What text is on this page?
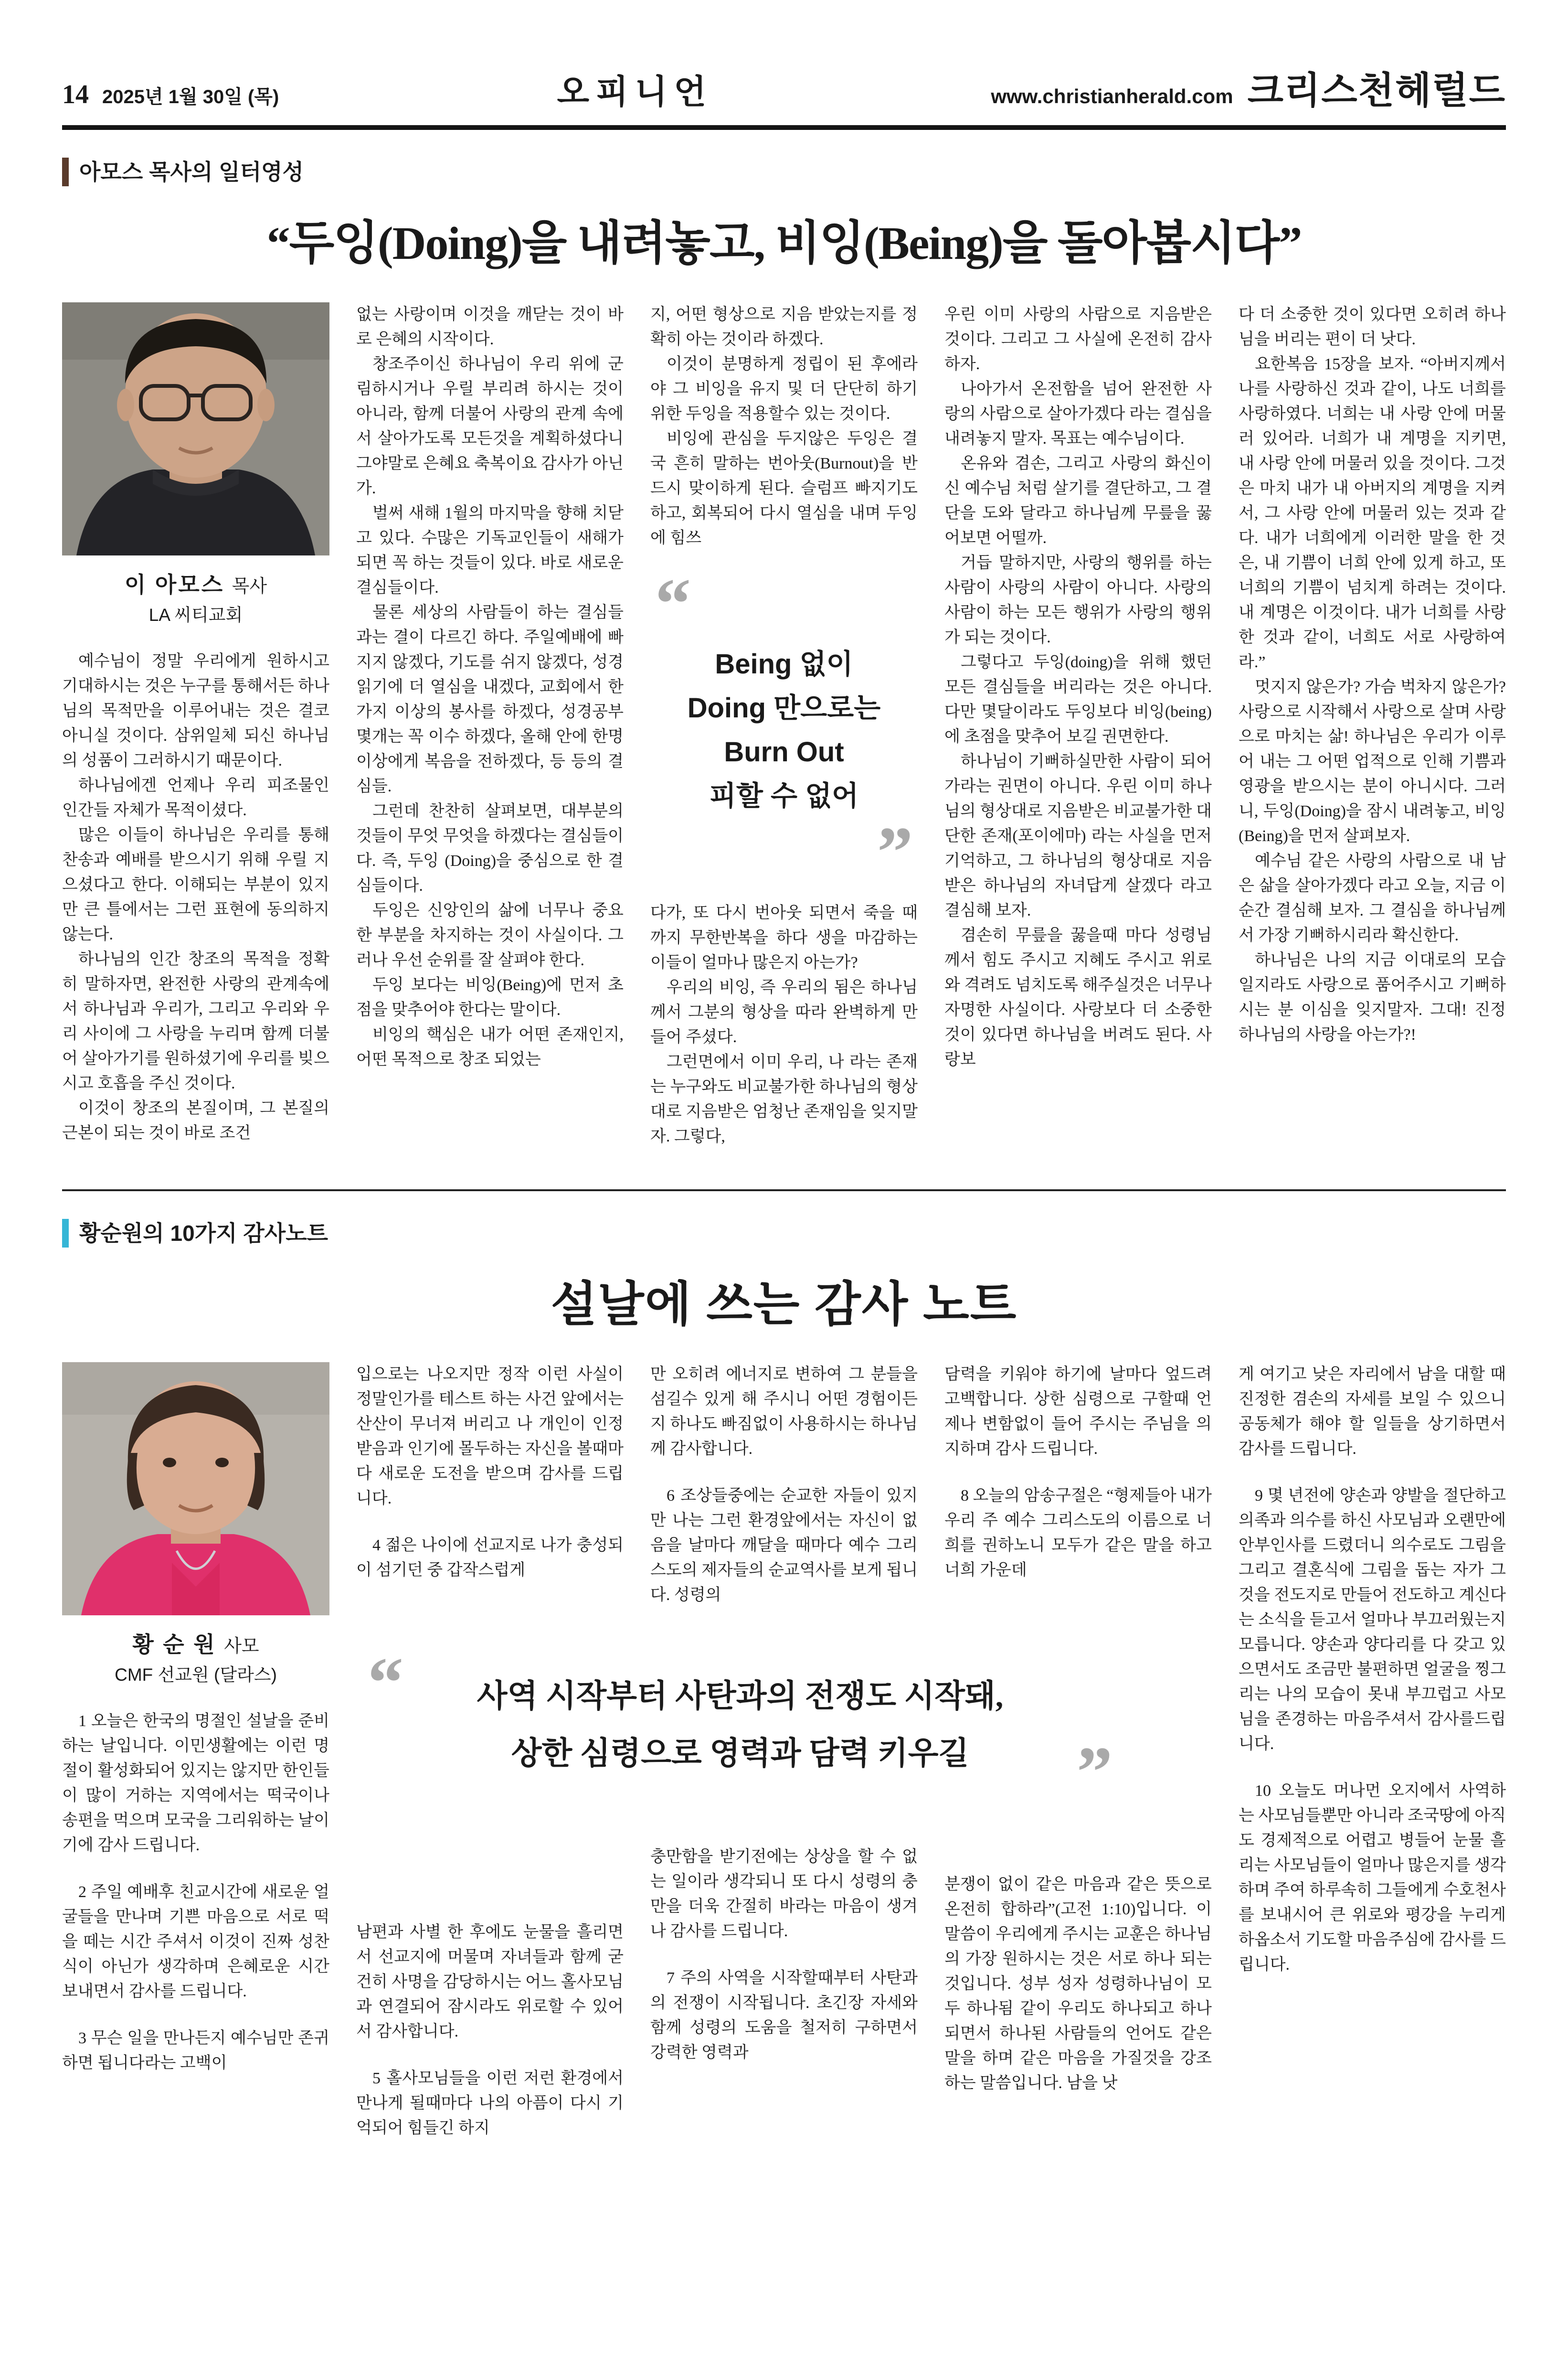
14 2025년 1월 30일 (목)	오피니언	www.christianherald.com 크리스천헤럴드
아모스 목사의 일터영성
“두잉(Doing)을 내려놓고, 비잉(Being)을 돌아봅시다”
이 아모스 목사
LA 씨티교회

예수님이 정말 우리에게 원하시고 기대하시는 것은 누구를 통해서든 하나님의 목적만을 이루어내는 것은 결코 아니실 것이다. 삼위일체 되신 하나님의 성품이 그러하시기 때문이다.

하나님에겐 언제나 우리 피조물인 인간들 자체가 목적이셨다.

많은 이들이 하나님은 우리를 통해 찬송과 예배를 받으시기 위해 우릴 지으셨다고 한다. 이해되는 부분이 있지만 큰 틀에서는 그런 표현에 동의하지 않는다.

하나님의 인간 창조의 목적을 정확히 말하자면, 완전한 사랑의 관계속에서 하나님과 우리가, 그리고 우리와 우리 사이에 그 사랑을 누리며 함께 더불어 살아가기를 원하셨기에 우리를 빚으시고 호흡을 주신 것이다.

이것이 창조의 본질이며, 그 본질의 근본이 되는 것이 바로 조건

없는 사랑이며 이것을 깨닫는 것이 바로 은혜의 시작이다.

창조주이신 하나님이 우리 위에 군림하시거나 우릴 부리려 하시는 것이 아니라, 함께 더불어 사랑의 관계 속에서 살아가도록 모든것을 계획하셨다니 그야말로 은혜요 축복이요 감사가 아닌가.

벌써 새해 1월의 마지막을 향해 치닫고 있다. 수많은 기독교인들이 새해가 되면 꼭 하는 것들이 있다. 바로 새로운 결심들이다.

물론 세상의 사람들이 하는 결심들과는 결이 다르긴 하다. 주일예배에 빠지지 않겠다, 기도를 쉬지 않겠다, 성경읽기에 더 열심을 내겠다, 교회에서 한가지 이상의 봉사를 하겠다, 성경공부 몇개는 꼭 이수 하겠다, 올해 안에 한명 이상에게 복음을 전하겠다, 등 등의 결심들.

그런데 찬찬히 살펴보면, 대부분의 것들이 무엇 무엇을 하겠다는 결심들이다. 즉, 두잉 (Doing)을 중심으로 한 결심들이다.

두잉은 신앙인의 삶에 너무나 중요한 부분을 차지하는 것이 사실이다. 그러나 우선 순위를 잘 살펴야 한다.

두잉 보다는 비잉(Being)에 먼저 초점을 맞추어야 한다는 말이다.

비잉의 핵심은 내가 어떤 존재인지, 어떤 목적으로 창조 되었는

지, 어떤 형상으로 지음 받았는지를 정확히 아는 것이라 하겠다.

이것이 분명하게 정립이 된 후에라야 그 비잉을 유지 및 더 단단히 하기 위한 두잉을 적용할수 있는 것이다.

비잉에 관심을 두지않은 두잉은 결국 흔히 말하는 번아웃(Burnout)을 반드시 맞이하게 된다. 슬럼프 빠지기도 하고, 회복되어 다시 열심을 내며 두잉에 힘쓰

“

Being 없이

Doing 만으로는

Burn Out

피할 수 없어

”

다가, 또 다시 번아웃 되면서 죽을 때 까지 무한반복을 하다 생을 마감하는 이들이 얼마나 많은지 아는가?

우리의 비잉, 즉 우리의 됨은 하나님께서 그분의 형상을 따라 완벽하게 만들어 주셨다.

그런면에서 이미 우리, 나 라는 존재는 누구와도 비교불가한 하나님의 형상대로 지음받은 엄청난 존재임을 잊지말자. 그렇다,

우린 이미 사랑의 사람으로 지음받은 것이다. 그리고 그 사실에 온전히 감사하자.

나아가서 온전함을 넘어 완전한 사랑의 사람으로 살아가겠다 라는 결심을 내려놓지 말자. 목표는 예수님이다.

온유와 겸손, 그리고 사랑의 화신이신 예수님 처럼 살기를 결단하고, 그 결단을 도와 달라고 하나님께 무릎을 꿇어보면 어떨까.

거듭 말하지만, 사랑의 행위를 하는 사람이 사랑의 사람이 아니다. 사랑의 사람이 하는 모든 행위가 사랑의 행위가 되는 것이다.

그렇다고 두잉(doing)을 위해 했던 모든 결심들을 버리라는 것은 아니다. 다만 몇달이라도 두잉보다 비잉(being)에 초점을 맞추어 보길 권면한다.

하나님이 기뻐하실만한 사람이 되어가라는 권면이 아니다. 우린 이미 하나님의 형상대로 지음받은 비교불가한 대단한 존재(포이에마) 라는 사실을 먼저 기억하고, 그 하나님의 형상대로 지음받은 하나님의 자녀답게 살겠다 라고 결심해 보자.

겸손히 무릎을 꿇을때 마다 성령님께서 힘도 주시고 지혜도 주시고 위로와 격려도 넘치도록 해주실것은 너무나 자명한 사실이다. 사랑보다 더 소중한 것이 있다면 하나님을 버려도 된다. 사랑보

다 더 소중한 것이 있다면 오히려 하나님을 버리는 편이 더 낫다.

요한복음 15장을 보자. “아버지께서 나를 사랑하신 것과 같이, 나도 너희를 사랑하였다. 너희는 내 사랑 안에 머물러 있어라. 너희가 내 계명을 지키면, 내 사랑 안에 머물러 있을 것이다. 그것은 마치 내가 내 아버지의 계명을 지켜서, 그 사랑 안에 머물러 있는 것과 같다. 내가 너희에게 이러한 말을 한 것은, 내 기쁨이 너희 안에 있게 하고, 또 너희의 기쁨이 넘치게 하려는 것이다. 내 계명은 이것이다. 내가 너희를 사랑한 것과 같이, 너희도 서로 사랑하여라.”

멋지지 않은가? 가슴 벅차지 않은가? 사랑으로 시작해서 사랑으로 살며 사랑으로 마치는 삶! 하나님은 우리가 이루어 내는 그 어떤 업적으로 인해 기쁨과 영광을 받으시는 분이 아니시다. 그러니, 두잉(Doing)을 잠시 내려놓고, 비잉(Being)을 먼저 살펴보자.

예수님 같은 사랑의 사람으로 내 남은 삶을 살아가겠다 라고 오늘, 지금 이 순간 결심해 보자. 그 결심을 하나님께서 가장 기뻐하시리라 확신한다.

하나님은 나의 지금 이대로의 모습 일지라도 사랑으로 품어주시고 기뻐하시는 분 이심을 잊지말자. 그대! 진정 하나님의 사랑을 아는가?!

황순원의 10가지 감사노트
설날에 쓰는 감사 노트
“	사역 시작부터 사탄과의 전쟁도 시작돼,

상한 심령으로 영력과 담력 키우길	”
황 순 원 사모
CMF 선교원 (달라스)

1 오늘은 한국의 명절인 설날을 준비하는 날입니다. 이민생활에는 이런 명절이 활성화되어 있지는 않지만 한인들이 많이 거하는 지역에서는 떡국이나 송편을 먹으며 모국을 그리워하는 날이기에 감사 드립니다.

2 주일 예배후 친교시간에 새로운 얼굴들을 만나며 기쁜 마음으로 서로 떡을 떼는 시간 주셔서 이것이 진짜 성찬식이 아닌가 생각하며 은혜로운 시간 보내면서 감사를 드립니다.

3 무슨 일을 만나든지 예수님만 존귀하면 됩니다라는 고백이

입으로는 나오지만 정작 이런 사실이 정말인가를 테스트 하는 사건 앞에서는 산산이 무너져 버리고 나 개인이 인정 받음과 인기에 몰두하는 자신을 볼때마다 새로운 도전을 받으며 감사를 드립니다.

4 젊은 나이에 선교지로 나가 충성되이 섬기던 중 갑작스럽게

남편과 사별 한 후에도 눈물을 흘리면서 선교지에 머물며 자녀들과 함께 굳건히 사명을 감당하시는 어느 홀사모님과 연결되어 잠시라도 위로할 수 있어서 감사합니다.

5 홀사모님들을 이런 저런 환경에서 만나게 될때마다 나의 아픔이 다시 기억되어 힘들긴 하지

만 오히려 에너지로 변하여 그 분들을 섬길수 있게 해 주시니 어떤 경험이든지 하나도 빠짐없이 사용하시는 하나님께 감사합니다.

6 조상들중에는 순교한 자들이 있지만 나는 그런 환경앞에서는 자신이 없음을 날마다 깨달을 때마다 예수 그리스도의 제자들의 순교역사를 보게 됩니다. 성령의

충만함을 받기전에는 상상을 할 수 없는 일이라 생각되니 또 다시 성령의 충만을 더욱 간절히 바라는 마음이 생겨나 감사를 드립니다.

7 주의 사역을 시작할때부터 사탄과의 전쟁이 시작됩니다. 초긴장 자세와 함께 성령의 도움을 철저히 구하면서 강력한 영력과

담력을 키워야 하기에 날마다 엎드려 고백합니다. 상한 심령으로 구할때 언제나 변함없이 들어 주시는 주님을 의지하며 감사 드립니다.

8 오늘의 암송구절은 “형제들아 내가 우리 주 예수 그리스도의 이름으로 너희를 권하노니 모두가 같은 말을 하고 너희 가운데

분쟁이 없이 같은 마음과 같은 뜻으로 온전히 합하라”(고전 1:10)입니다. 이 말씀이 우리에게 주시는 교훈은 하나님의 가장 원하시는 것은 서로 하나 되는 것입니다. 성부 성자 성령하나님이 모두 하나됨 같이 우리도 하나되고 하나되면서 하나된 사람들의 언어도 같은 말을 하며 같은 마음을 가질것을 강조하는 말씀입니다. 남을 낫

게 여기고 낮은 자리에서 남을 대할 때 진정한 겸손의 자세를 보일 수 있으니 공동체가 해야 할 일들을 상기하면서 감사를 드립니다.

9 몇 년전에 양손과 양발을 절단하고 의족과 의수를 하신 사모님과 오랜만에 안부인사를 드렸더니 의수로도 그림을 그리고 결혼식에 그림을 돕는 자가 그것을 전도지로 만들어 전도하고 계신다는 소식을 듣고서 얼마나 부끄러웠는지 모릅니다. 양손과 양다리를 다 갖고 있으면서도 조금만 불편하면 얼굴을 찡그리는 나의 모습이 못내 부끄럽고 사모님을 존경하는 마음주셔서 감사를드립니다.

10 오늘도 머나먼 오지에서 사역하는 사모님들뿐만 아니라 조국땅에 아직도 경제적으로 어렵고 병들어 눈물 흘리는 사모님들이 얼마나 많은지를 생각하며 주여 하루속히 그들에게 수호천사를 보내시어 큰 위로와 평강을 누리게 하옵소서 기도할 마음주심에 감사를 드립니다.
